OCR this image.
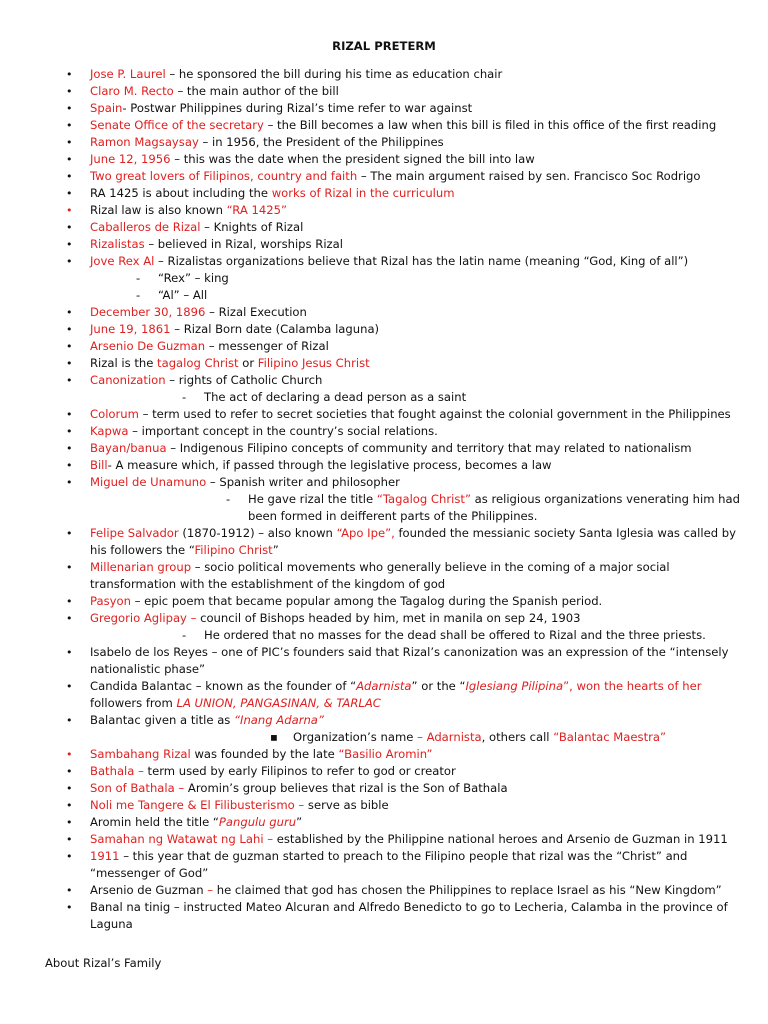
RIZAL PRETERM
• Jose P. Laurel – he sponsored the bill during his time as education chair
• Claro M. Recto – the main author of the bill
• Spain- Postwar Philippines during Rizal’s time refer to war against
• Senate Office of the secretary – the Bill becomes a law when this bill is filed in this office of the first reading
• Ramon Magsaysay – in 1956, the President of the Philippines
• June 12, 1956 – this was the date when the president signed the bill into law
• Two great lovers of Filipinos, country and faith – The main argument raised by sen. Francisco Soc Rodrigo
• RA 1425 is about including the works of Rizal in the curriculum
• Rizal law is also known “RA 1425”
• Caballeros de Rizal – Knights of Rizal
• Rizalistas – believed in Rizal, worships Rizal
• Jove Rex Al – Rizalistas organizations believe that Rizal has the latin name (meaning “God, King of all”)
- “Rex” – king
- “Al” – All
• December 30, 1896 – Rizal Execution
• June 19, 1861 – Rizal Born date (Calamba laguna)
• Arsenio De Guzman – messenger of Rizal
• Rizal is the tagalog Christ or Filipino Jesus Christ
• Canonization – rights of Catholic Church
- The act of declaring a dead person as a saint
• Colorum – term used to refer to secret societies that fought against the colonial government in the Philippines
• Kapwa – important concept in the country’s social relations.
• Bayan/banua – Indigenous Filipino concepts of community and territory that may related to nationalism
• Bill- A measure which, if passed through the legislative process, becomes a law
• Miguel de Unamuno – Spanish writer and philosopher
- He gave rizal the title “Tagalog Christ” as religious organizations venerating him had
been formed in deifferent parts of the Philippines.
• Felipe Salvador (1870-1912) – also known “Apo Ipe”, founded the messianic society Santa Iglesia was called by
his followers the “Filipino Christ”
• Millenarian group – socio political movements who generally believe in the coming of a major social
transformation with the establishment of the kingdom of god
• Pasyon – epic poem that became popular among the Tagalog during the Spanish period.
• Gregorio Aglipay – council of Bishops headed by him, met in manila on sep 24, 1903
- He ordered that no masses for the dead shall be offered to Rizal and the three priests.
• Isabelo de los Reyes – one of PIC’s founders said that Rizal’s canonization was an expression of the “intensely
nationalistic phase”
• Candida Balantac – known as the founder of “Adarnista” or the “Iglesiang Pilipina”, won the hearts of her
followers from LA UNION, PANGASINAN, & TARLAC
• Balantac given a title as “Inang Adarna”
▪ Organization’s name – Adarnista, others call “Balantac Maestra”
• Sambahang Rizal was founded by the late “Basilio Aromin”
• Bathala – term used by early Filipinos to refer to god or creator
• Son of Bathala – Aromin’s group believes that rizal is the Son of Bathala
• Noli me Tangere & El Filibusterismo – serve as bible
• Aromin held the title “Pangulu guru”
• Samahan ng Watawat ng Lahi – established by the Philippine national heroes and Arsenio de Guzman in 1911
• 1911 – this year that de guzman started to preach to the Filipino people that rizal was the “Christ” and
“messenger of God”
• Arsenio de Guzman – he claimed that god has chosen the Philippines to replace Israel as his “New Kingdom”
• Banal na tinig – instructed Mateo Alcuran and Alfredo Benedicto to go to Lecheria, Calamba in the province of
Laguna
About Rizal’s Family
